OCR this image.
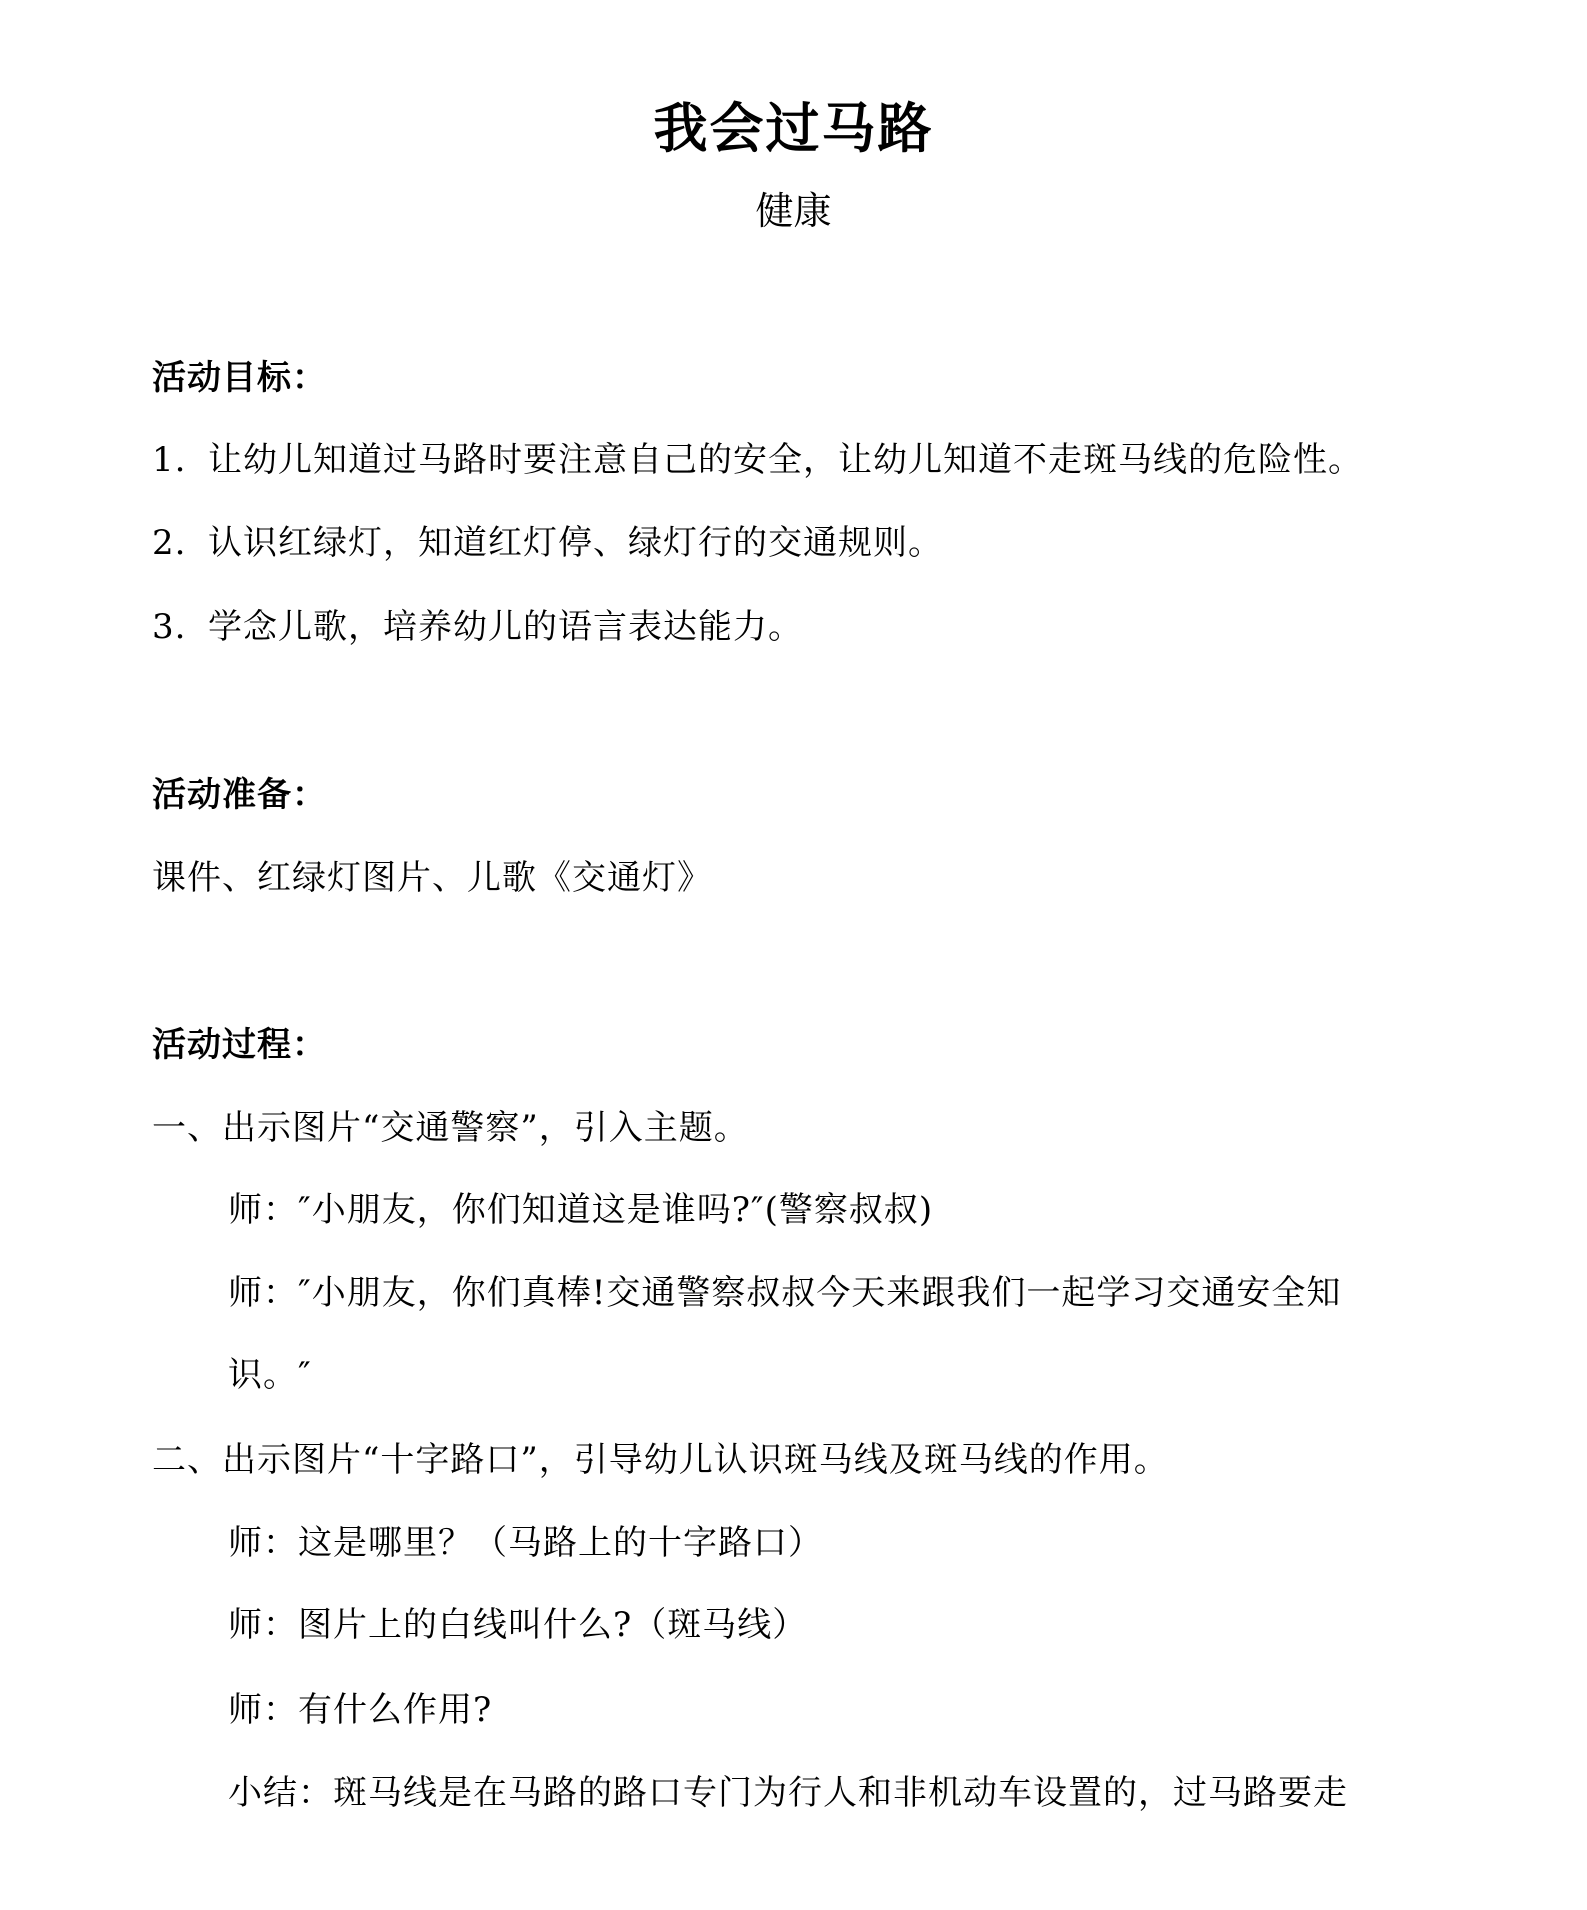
我会过马路
健康
活动目标：
1. 让幼儿知道过马路时要注意自己的安全，让幼儿知道不走斑马线的危险性。
2. 认识红绿灯，知道红灯停、绿灯行的交通规则。
3. 学念儿歌，培养幼儿的语言表达能力。
活动准备：
课件、红绿灯图片、儿歌《交通灯》
活动过程：
一、出示图片“交通警察”，引入主题。
师：″小朋友，你们知道这是谁吗?″(警察叔叔)
师：″小朋友，你们真棒!交通警察叔叔今天来跟我们一起学习交通安全知
识。″
二、出示图片“十字路口”，引导幼儿认识斑马线及斑马线的作用。
师：这是哪里？（马路上的十字路口）
师：图片上的白线叫什么?（斑马线）
师：有什么作用?
小结：斑马线是在马路的路口专门为行人和非机动车设置的，过马路要走
